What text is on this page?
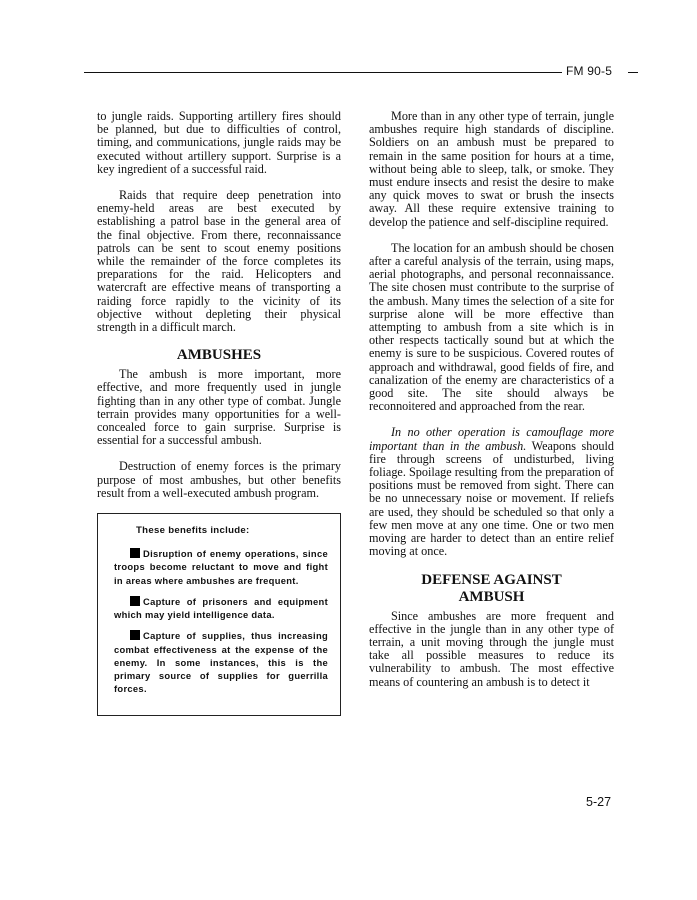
FM 90-5

to jungle raids. Supporting artillery fires should be planned, but due to difficulties of control, timing, and communications, jungle raids may be executed without artillery support. Surprise is a key ingredient of a successful raid.

Raids that require deep penetration into enemy-held areas are best executed by establishing a patrol base in the general area of the final objective. From there, reconnaissance patrols can be sent to scout enemy positions while the remainder of the force completes its preparations for the raid. Helicopters and watercraft are effective means of transporting a raiding force rapidly to the vicinity of its objective without depleting their physical strength in a difficult march.

AMBUSHES

The ambush is more important, more effective, and more frequently used in jungle fighting than in any other type of combat. Jungle terrain provides many opportunities for a well-concealed force to gain surprise. Surprise is essential for a successful ambush.

Destruction of enemy forces is the primary purpose of most ambushes, but other benefits result from a well-executed ambush program.

These benefits include:
Disruption of enemy operations, since troops become reluctant to move and fight in areas where ambushes are frequent.
Capture of prisoners and equipment which may yield intelligence data.
Capture of supplies, thus increasing combat effectiveness at the expense of the enemy. In some instances, this is the primary source of supplies for guerrilla forces.

More than in any other type of terrain, jungle ambushes require high standards of discipline. Soldiers on an ambush must be prepared to remain in the same position for hours at a time, without being able to sleep, talk, or smoke. They must endure insects and resist the desire to make any quick moves to swat or brush the insects away. All these require extensive training to develop the patience and self-discipline required.

The location for an ambush should be chosen after a careful analysis of the terrain, using maps, aerial photographs, and personal reconnaissance. The site chosen must contribute to the surprise of the ambush. Many times the selection of a site for surprise alone will be more effective than attempting to ambush from a site which is in other respects tactically sound but at which the enemy is sure to be suspicious. Covered routes of approach and withdrawal, good fields of fire, and canalization of the enemy are characteristics of a good site. The site should always be reconnoitered and approached from the rear.

In no other operation is camouflage more important than in the ambush. Weapons should fire through screens of undisturbed, living foliage. Spoilage resulting from the preparation of positions must be removed from sight. There can be no unnecessary noise or movement. If reliefs are used, they should be scheduled so that only a few men move at any one time. One or two men moving are harder to detect than an entire relief moving at once.

DEFENSE AGAINST
AMBUSH

Since ambushes are more frequent and effective in the jungle than in any other type of terrain, a unit moving through the jungle must take all possible measures to reduce its vulnerability to ambush. The most effective means of countering an ambush is to detect it

5-27
